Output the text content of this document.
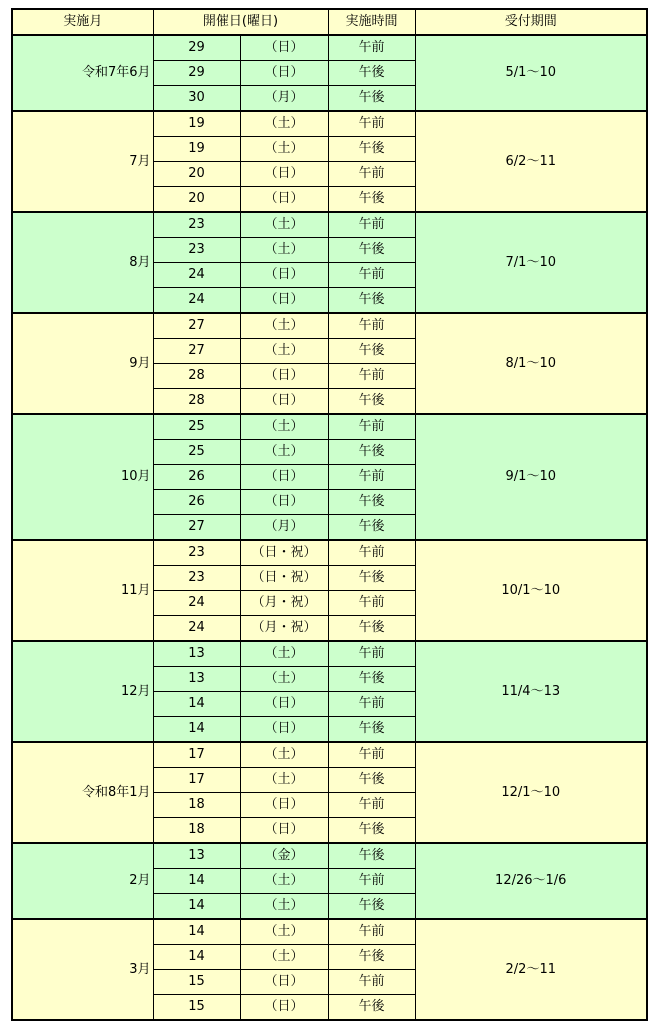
実施月	開催日(曜日)		実施時間	受付期間
令和7年6月	29	（日）	午前	5/1～10
	29	（日）	午後	
	30	（月）	午後	
7月	19	（土）	午前	6/2～11
	19	（土）	午後	
	20	（日）	午前	
	20	（日）	午後	
8月	23	（土）	午前	7/1～10
	23	（土）	午後	
	24	（日）	午前	
	24	（日）	午後	
9月	27	（土）	午前	8/1～10
	27	（土）	午後	
	28	（日）	午前	
	28	（日）	午後	
10月	25	（土）	午前	9/1～10
	25	（土）	午後	
	26	（日）	午前	
	26	（日）	午後	
	27	（月）	午後	
11月	23	（日・祝）	午前	10/1～10
	23	（日・祝）	午後	
	24	（月・祝）	午前	
	24	（月・祝）	午後	
12月	13	（土）	午前	11/4～13
	13	（土）	午後	
	14	（日）	午前	
	14	（日）	午後	
令和8年1月	17	（土）	午前	12/1～10
	17	（土）	午後	
	18	（日）	午前	
	18	（日）	午後	
2月	13	（金）	午後	12/26～1/6
	14	（土）	午前	
	14	（土）	午後	
3月	14	（土）	午前	2/2～11
	14	（土）	午後	
	15	（日）	午前	
	15	（日）	午後	
